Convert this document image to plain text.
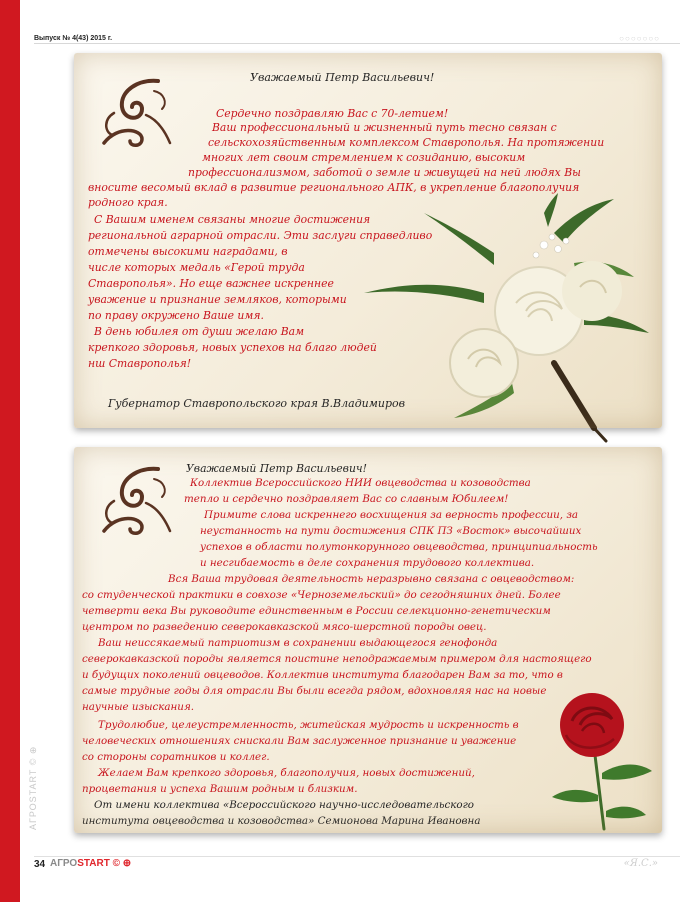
АГРОSTART © ⊕
Выпуск № 4(43) 2015 г.	○○○○○○○
Уважаемый Петр Васильевич!
Сердечно поздравляю Вас с 70-летием!
Ваш профессиональный и жизненный путь тесно связан с
сельскохозяйственным комплексом Ставрополья. На протяжении
многих лет своим стремлением к созиданию, высоким
профессионализмом, заботой о земле и живущей на ней людях Вы
вносите весомый вклад в развитие регионального АПК, в укрепление благополучия
родного края.
С Вашим именем связаны многие достижения
региональной аграрной отрасли. Эти заслуги справедливо
отмечены высокими наградами, в
числе которых медаль «Герой труда
Ставрополья». Но еще важнее искреннее
уважение и признание земляков, которыми
по праву окружено Ваше имя.
В день юбилея от души желаю Вам
крепкого здоровья, новых успехов на благо людей
нш Ставрополья!
Губернатор Ставропольского края В.Владимиров
Уважаемый Петр Васильевич!
Коллектив Всероссийского НИИ овцеводства и козоводства
тепло и сердечно поздравляет Вас со славным Юбилеем!
Примите слова искреннего восхищения за верность профессии, за
неустанность на пути достижения СПК ПЗ «Восток» высочайших
успехов в области полутонкорунного овцеводства, принципиальность
и несгибаемость в деле сохранения трудового коллектива.
Вся Ваша трудовая деятельность неразрывно связана с овцеводством:
со студенческой практики в совхозе «Черноземельский» до сегодняшних дней. Более
четверти века Вы руководите единственным в России селекционно-генетическим
центром по разведению северокавказской мясо-шерстной породы овец.
Ваш неиссякаемый патриотизм в сохранении выдающегося генофонда
северокавказской породы является поистине неподражаемым примером для настоящего
и будущих поколений овцеводов. Коллектив института благодарен Вам за то, что в
самые трудные годы для отрасли Вы были всегда рядом, вдохновляя нас на новые
научные изыскания.
Трудолюбие, целеустремленность, житейская мудрость и искренность в
человеческих отношениях снискали Вам заслуженное признание и уважение
со стороны соратников и коллег.
Желаем Вам крепкого здоровья, благополучия, новых достижений,
процветания и успеха Вашим родным и близким.
От имени коллектива «Всероссийского научно-исследовательского
института овцеводства и козоводства» Семионова Марина Ивановна
34 АГРОSTART © ⊕	«Я.С.»
